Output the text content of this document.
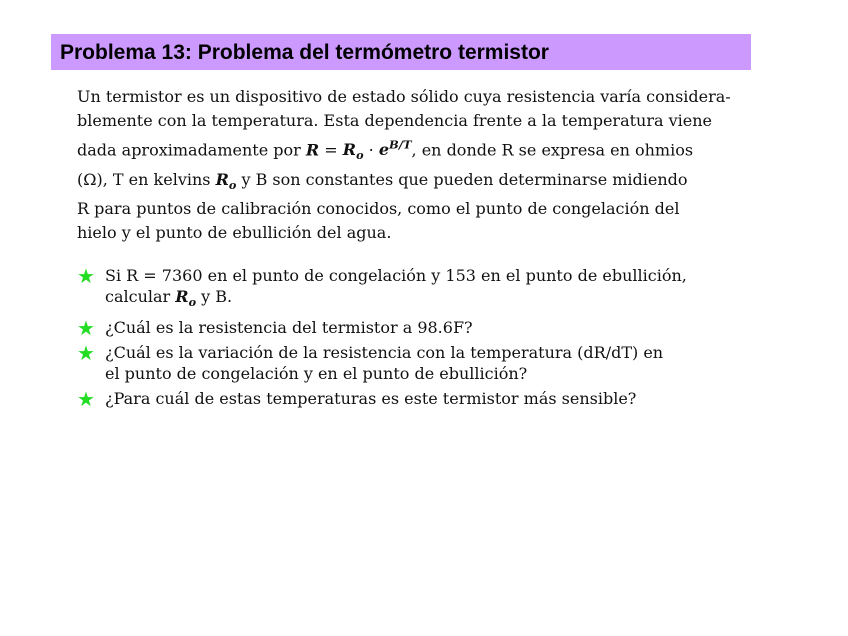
Problema 13: Problema del termómetro termistor
Un termistor es un dispositivo de estado sólido cuya resistencia varía considera-
blemente con la temperatura. Esta dependencia frente a la temperatura viene
dada aproximadamente por $R = R_o \cdot e^{B/T}$, en donde R se expresa en ohmios
(Ω), T en kelvins $R_o$ y B son constantes que pueden determinarse midiendo
R para puntos de calibración conocidos, como el punto de congelación del
hielo y el punto de ebullición del agua.
★ Si R = 7360 en el punto de congelación y 153 en el punto de ebullición,
calcular $R_o$ y B.
★ ¿Cuál es la resistencia del termistor a 98.6F?
★ ¿Cuál es la variación de la resistencia con la temperatura (dR/dT) en
el punto de congelación y en el punto de ebullición?
★ ¿Para cuál de estas temperaturas es este termistor más sensible?
